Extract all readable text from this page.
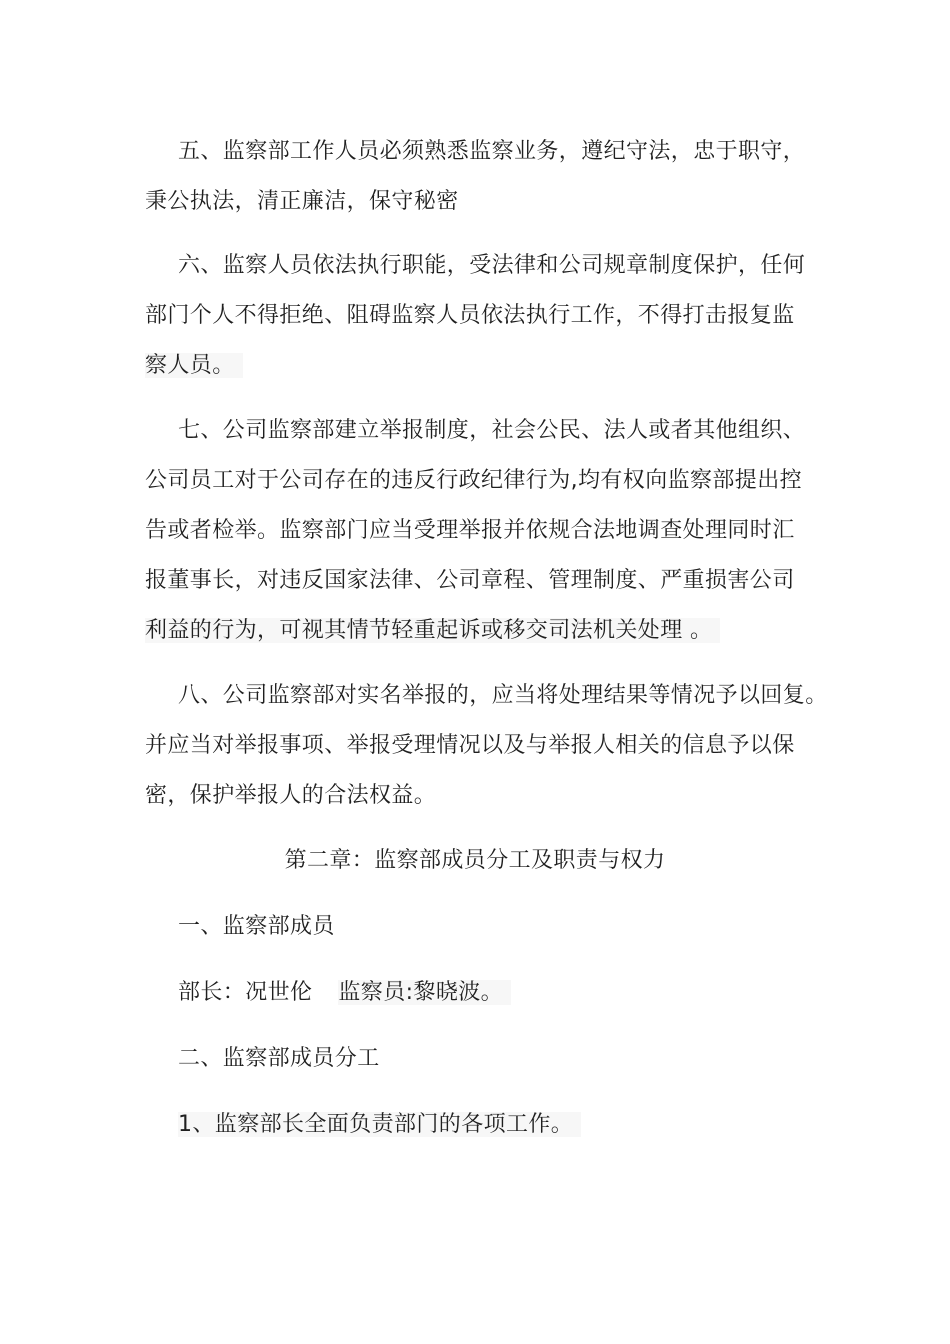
五、监察部工作人员必须熟悉监察业务，遵纪守法，忠于职守，
秉公执法，清正廉洁，保守秘密
六、监察人员依法执行职能，受法律和公司规章制度保护，任何
部门个人不得拒绝、阻碍监察人员依法执行工作，不得打击报复监
察人员。
七、公司监察部建立举报制度，社会公民、法人或者其他组织、
公司员工对于公司存在的违反行政纪律行为,均有权向监察部提出控
告或者检举。监察部门应当受理举报并依规合法地调查处理同时汇
报董事长，对违反国家法律、公司章程、管理制度、严重损害公司
利益的行为，可视其情节轻重起诉或移交司法机关处理 。
八、公司监察部对实名举报的，应当将处理结果等情况予以回复。
并应当对举报事项、举报受理情况以及与举报人相关的信息予以保
密，保护举报人的合法权益。
第二章：监察部成员分工及职责与权力
一、监察部成员
部长：况世伦 监察员:黎晓波。
二、监察部成员分工
1、监察部长全面负责部门的各项工作。
